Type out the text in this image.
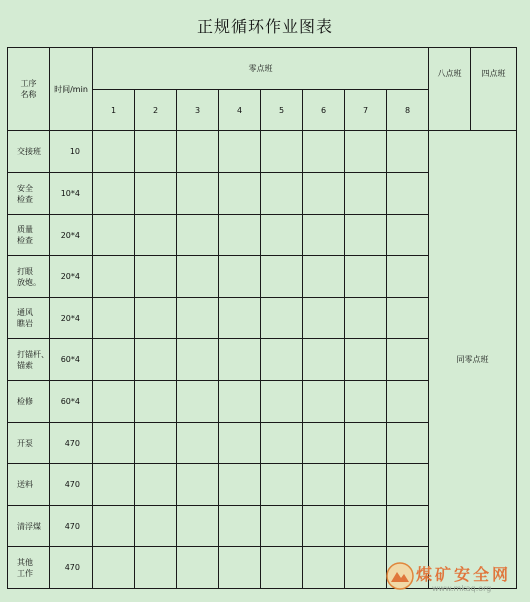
正规循环作业图表
工序
名称	时间/min	零点班								八点班	四点班
		1	2	3	4	5	6	7	8		
交接班	10									同零点班	
安全
检查	10*4										
质量
检查	20*4										
打眼
放炮。	20*4										
通风
瞧岩	20*4										
打锚杆、
锚索	60*4										
检修	60*4										
开泵	470										
送料	470										
清浮煤	470										
其他
工作	470											煤矿安全网
www.mkaq.org
